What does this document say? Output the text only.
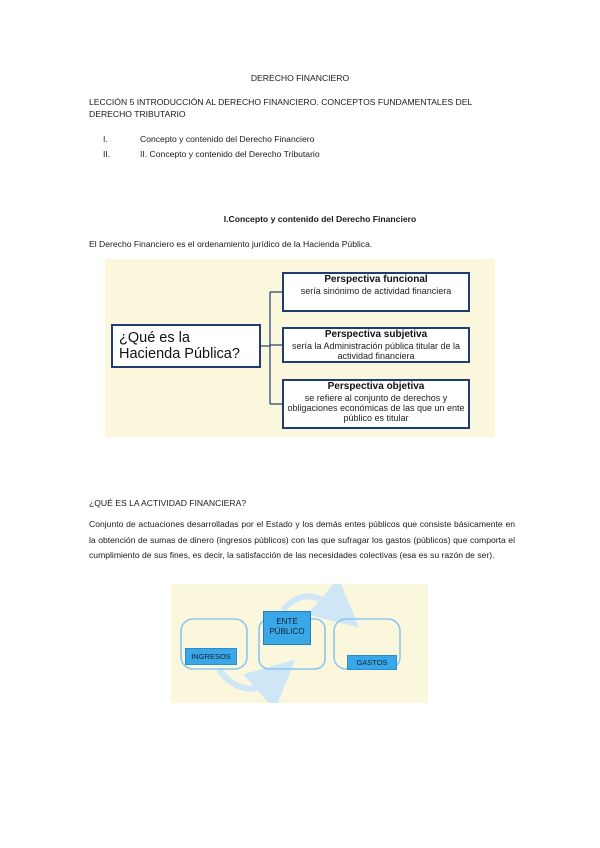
DERECHO FINANCIERO
LECCIÓN 5 INTRODUCCIÓN AL DERECHO FINANCIERO. CONCEPTOS FUNDAMENTALES DEL DERECHO TRIBUTARIO
I.	Concepto y contenido del Derecho Financiero
II.	II. Concepto y contenido del Derecho Tributario
I.Concepto y contenido del Derecho Financiero
El Derecho Financiero es el ordenamiento jurídico de la Hacienda Pública.
¿Qué es la Hacienda Pública?
Perspectiva funcional
sería sinónimo de actividad financiera
Perspectiva subjetiva
sería la Administración pública titular de la actividad financiera
Perspectiva objetiva
se refiere al conjunto de derechos y obligaciones económicas de las que un ente público es titular
¿QUÉ ES LA ACTIVIDAD FINANCIERA?
Conjunto de actuaciones desarrolladas por el Estado y los demás entes públicos que consiste básicamente en la obtención de sumas de dinero (ingresos públicos) con las que sufragar los gastos (públicos) que comporta el cumplimiento de sus fines, es decir, la satisfacción de las necesidades colectivas (esa es su razón de ser).
INGRESOS
ENTE PÚBLICO
GASTOS
